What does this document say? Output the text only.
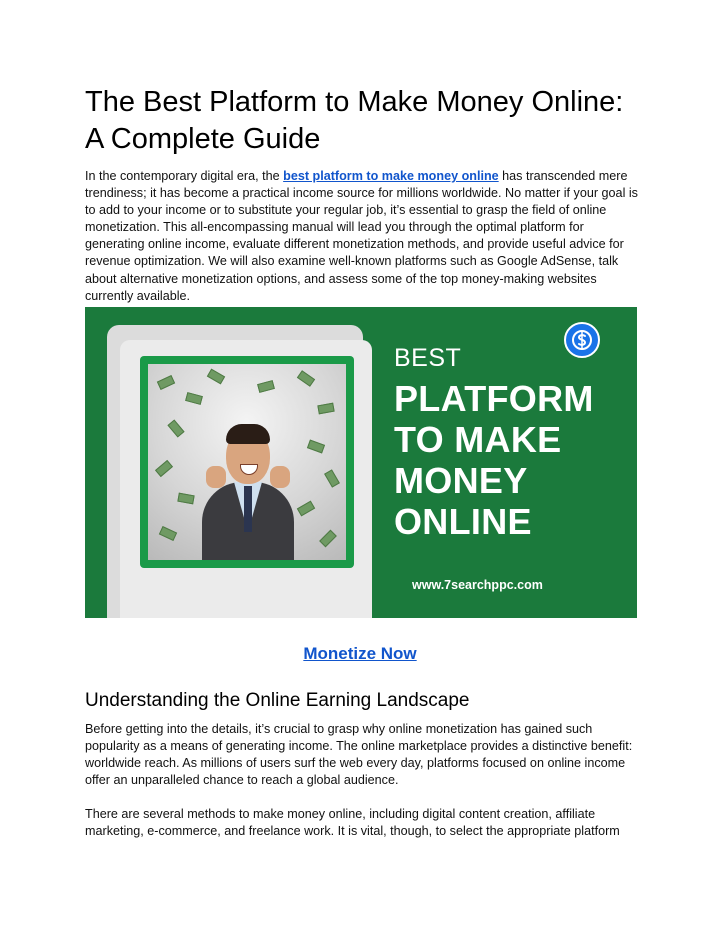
The Best Platform to Make Money Online: A Complete Guide

In the contemporary digital era, the best platform to make money online has transcended mere trendiness; it has become a practical income source for millions worldwide. No matter if your goal is to add to your income or to substitute your regular job, it’s essential to grasp the field of online monetization. This all-encompassing manual will lead you through the optimal platform for generating online income, evaluate different monetization methods, and provide useful advice for revenue optimization. We will also examine well-known platforms such as Google AdSense, talk about alternative monetization options, and assess some of the top money-making websites currently available.

BEST
PLATFORM
TO MAKE
MONEY
ONLINE
www.7searchppc.com
Monetize Now
Understanding the Online Earning Landscape

Before getting into the details, it’s crucial to grasp why online monetization has gained such popularity as a means of generating income. The online marketplace provides a distinctive benefit: worldwide reach. As millions of users surf the web every day, platforms focused on online income offer an unparalleled chance to reach a global audience.

There are several methods to make money online, including digital content creation, affiliate marketing, e-commerce, and freelance work. It is vital, though, to select the appropriate platform
